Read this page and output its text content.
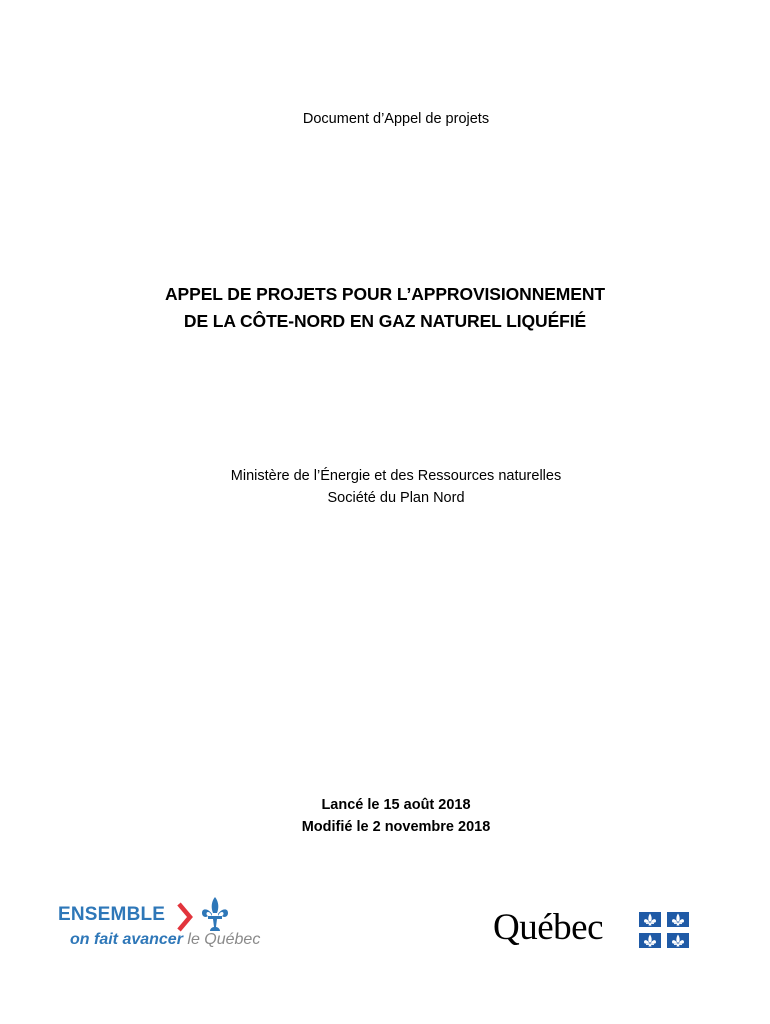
Document d’Appel de projets
APPEL DE PROJETS POUR L’APPROVISIONNEMENT
DE LA CÔTE-NORD EN GAZ NATUREL LIQUÉFIÉ
Ministère de l’Énergie et des Ressources naturelles
Société du Plan Nord
Lancé le 15 août 2018
Modifié le 2 novembre 2018
ENSEMBLE
on fait avancer le Québec	Québec
